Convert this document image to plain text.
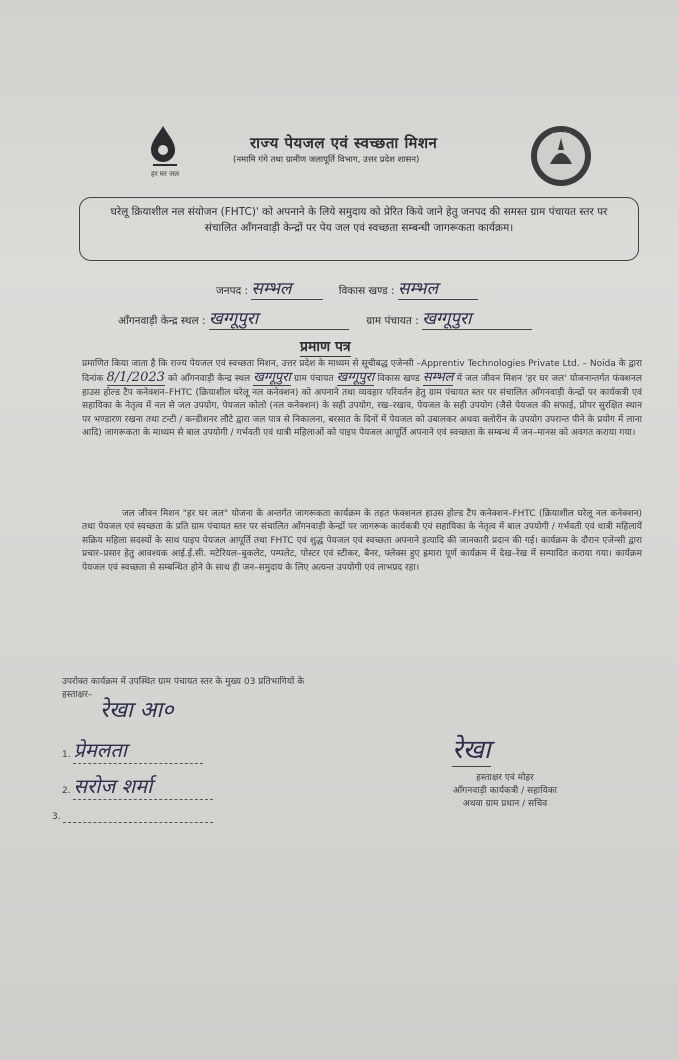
हर घर जल
राज्य पेयजल एवं स्वच्छता मिशन
(नमामि गंगे तथा ग्रामीण जलापूर्ति विभाग, उत्तर प्रदेश शासन)
उत्तर प्रदेश
घरेलू क्रियाशील नल संयोजन (FHTC)' को अपनाने के लिये समुदाय को प्रेरित किये जाने हेतु जनपद की समस्त ग्राम पंचायत स्तर पर संचालित आँगनवाड़ी केन्द्रों पर पेय जल एवं स्वच्छता सम्बन्धी जागरूकता कार्यक्रम।
जनपद : सम्भल	विकास खण्ड : सम्भल
आँगनवाड़ी केन्द्र स्थल : खग्गूपुरा	ग्राम पंचायत : खग्गूपुरा
प्रमाण पत्र
प्रमाणित किया जाता है कि राज्य पेयजल एवं स्वच्छता मिशन, उत्तर प्रदेश के माध्यम से सूचीबद्ध एजेन्सी –Apprentiv Technologies Private Ltd. – Noida के द्वारा दिनांक 8/1/2023 को आँगनवाड़ी केन्द्र स्थल खग्गूपुरा ग्राम पंचायत खग्गूपुरा विकास खण्ड सम्भल में जल जीवन मिशन 'हर घर जल' योजनान्तर्गत फंक्शनल हाउस होल्ड टैप कनेक्शन–FHTC (क्रियाशील घरेलू नल कनेक्शन) को अपनाने तथा व्यवहार परिवर्तन हेतु ग्राम पंचायत स्तर पर संचालित आँगनवाड़ी केन्द्रों पर कार्यकत्री एवं सहायिका के नेतृत्व में नल से जल उपयोग, पेयजल कोलो (नल कनेक्शन) के सही उपयोग, रख–रखाव, पेयजल के सही उपयोग (जैसे पेयजल की सफाई, प्रोपर सुरक्षित स्थान पर भण्डारण रखना तथा टन्टी / कन्डीशनर लौटे द्वारा जल पात्र से निकालना, बरसात के दिनों में पेयजल को उबालकर अथवा क्लोरीन के उपयोग उपरान्त पीने के प्रयोग में लाना आदि) जागरूकता के माध्यम से बाल उपयोगी / गर्भवती एवं धात्री महिलाओं को पाइप पेयजल आपूर्ति अपनाने एवं स्वच्छता के सम्बन्ध में जन–मानस को अवगत कराया गया।
जल जीवन मिशन "हर घर जल" योजना के अन्तर्गत जागरूकता कार्यक्रम के तहत फंक्शनल हाउस होल्ड टैप कनेक्शन–FHTC (क्रियाशील घरेलू नल कनेक्शन) तथा पेयजल एवं स्वच्छता के प्रति ग्राम पंचायत स्तर पर संचालित आँगनवाड़ी केन्द्रों पर जागरूक कार्यकत्री एवं सहायिका के नेतृत्व में बाल उपयोगी / गर्भवती एवं धात्री महिलायें सक्रिय महिला सदस्यों के साथ पाइप पेयजल आपूर्ति तथा FHTC एवं शुद्ध पेयजल एवं स्वच्छता अपनाने इत्यादि की जानकारी प्रदान की गई। कार्यक्रम के दौरान एजेन्सी द्वारा प्रचार–प्रसार हेतु आवश्यक आई.ई.सी. मटेरियल–बुकलेट, पम्पलेट, पोस्टर एवं स्टीकर, बैनर, फ्लेक्स हुए ह्रमारा पूर्ण कार्यक्रम में देख–रेख में सम्पादित कराया गया। कार्यक्रम पेयजल एवं स्वच्छता से सम्बन्धित होने के साथ ही जन–समुदाय के लिए अत्यन्त उपयोगी एवं लाभप्रद रहा।
उपरोक्त कार्यक्रम में उपस्थित ग्राम पंचायत स्तर के मुख्य 03 प्रतिभागियों के
हस्ताक्षर–
रेखा आ०
1. प्रेमलता
2. सरोज शर्मा
3.
रेखा
हस्ताक्षर एवं मोहर
आँगनवाड़ी कार्यकत्री / सहायिका
अथवा ग्राम प्रधान / सचिव
